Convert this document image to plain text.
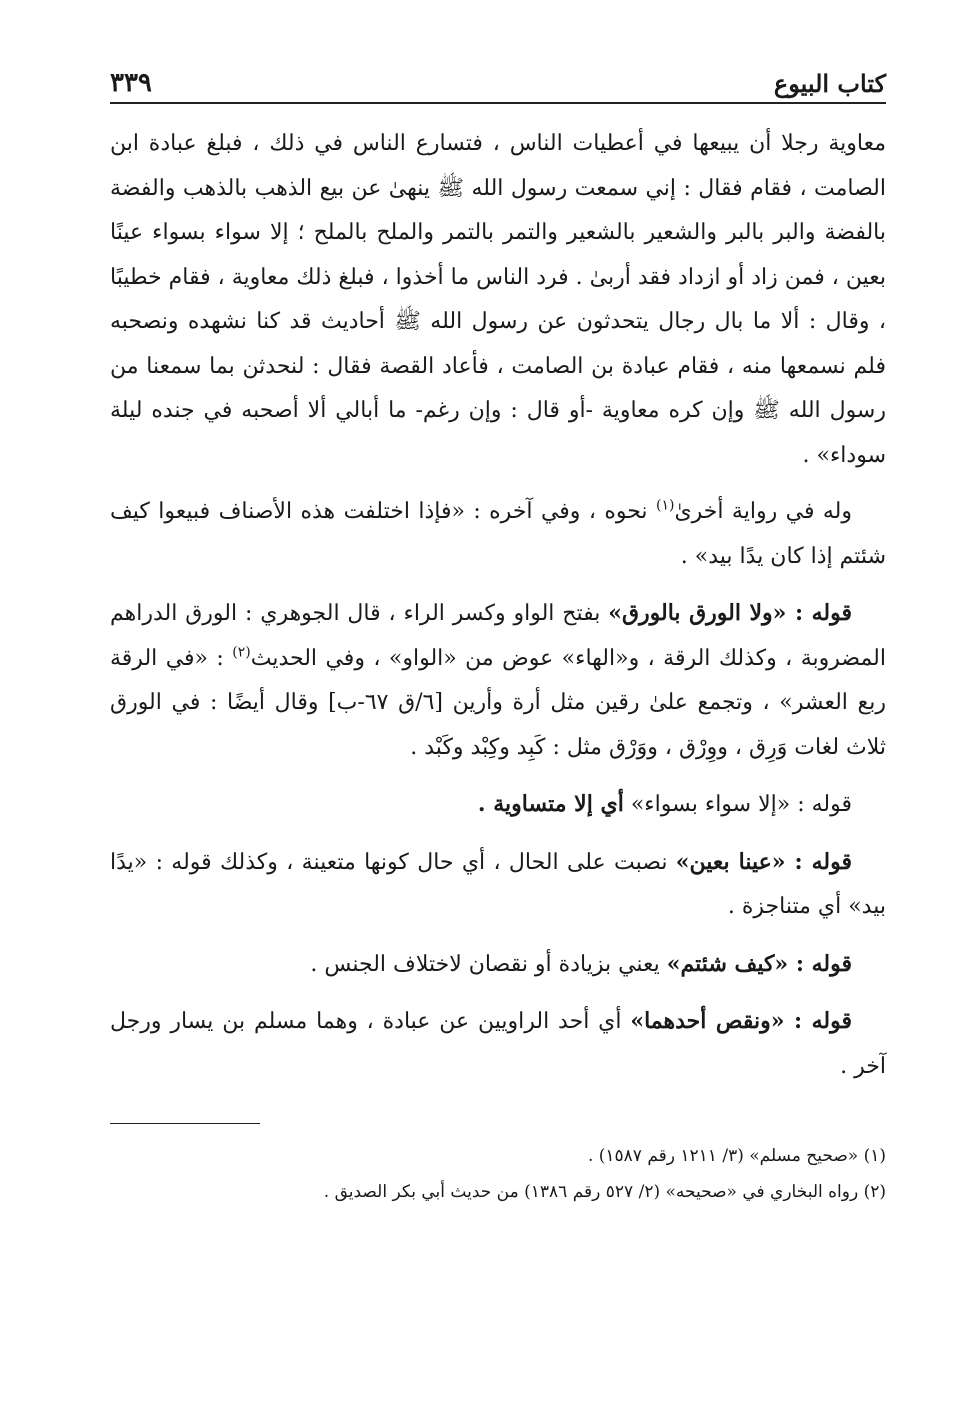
كتاب البيوع
٣٣٩

معاوية رجلا أن يبيعها في أعطيات الناس ، فتسارع الناس في ذلك ، فبلغ عبادة ابن الصامت ، فقام فقال : إني سمعت رسول الله ﷺ ينهىٰ عن بيع الذهب بالذهب والفضة بالفضة والبر بالبر والشعير بالشعير والتمر بالتمر والملح بالملح ؛ إلا سواء بسواء عينًا بعين ، فمن زاد أو ازداد فقد أربىٰ . فرد الناس ما أخذوا ، فبلغ ذلك معاوية ، فقام خطيبًا ، وقال : ألا ما بال رجال يتحدثون عن رسول الله ﷺ أحاديث قد كنا نشهده ونصحبه فلم نسمعها منه ، فقام عبادة بن الصامت ، فأعاد القصة فقال : لنحدثن بما سمعنا من رسول الله ﷺ وإن كره معاوية -أو قال : وإن رغم- ما أبالي ألا أصحبه في جنده ليلة سوداء» .

وله في رواية أخرىٰ$^{(١)}$ نحوه ، وفي آخره : «فإذا اختلفت هذه الأصناف فبيعوا كيف شئتم إذا كان يدًا بيد» .

قوله : «ولا الورق بالورق» بفتح الواو وكسر الراء ، قال الجوهري : الورق الدراهم المضروبة ، وكذلك الرقة ، و«الهاء» عوض من «الواو» ، وفي الحديث$^{(٢)}$ : «في الرقة ربع العشر» ، وتجمع علىٰ رقين مثل أرة وأرين [٦/ق ٦٧-ب] وقال أيضًا : في الورق ثلاث لغات وَرِق ، ووِرْق ، ووَرْق مثل : كَبِد وكِبْد وكَبْد .

قوله : «إلا سواء بسواء» أي إلا متساوية .

قوله : «عينا بعين» نصبت على الحال ، أي حال كونها متعينة ، وكذلك قوله : «يدًا بيد» أي متناجزة .

قوله : «كيف شئتم» يعني بزيادة أو نقصان لاختلاف الجنس .

قوله : «ونقص أحدهما» أي أحد الراويين عن عبادة ، وهما مسلم بن يسار ورجل آخر .

(١) «صحيح مسلم» (٣/ ١٢١١ رقم ١٥٨٧) .

(٢) رواه البخاري في «صحيحه» (٢/ ٥٢٧ رقم ١٣٨٦) من حديث أبي بكر الصديق .
